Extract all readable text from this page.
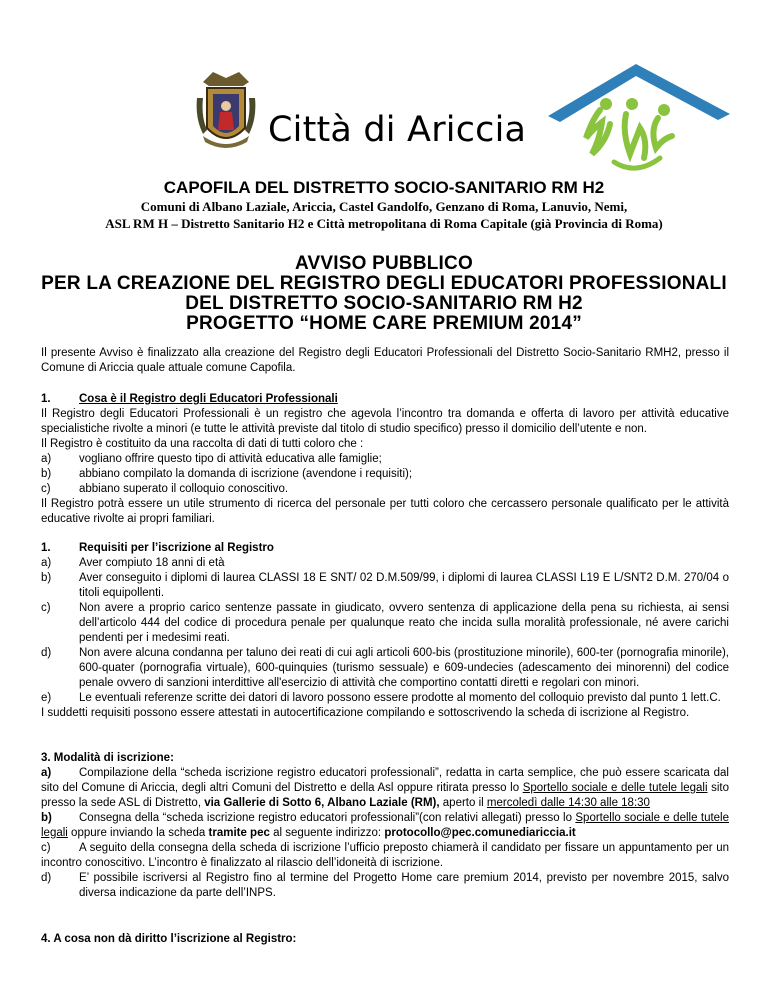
Città di Ariccia
CAPOFILA DEL DISTRETTO SOCIO-SANITARIO RM H2
Comuni di Albano Laziale, Ariccia, Castel Gandolfo, Genzano di Roma, Lanuvio, Nemi,
ASL RM H – Distretto Sanitario H2 e Città metropolitana di Roma Capitale (già Provincia di Roma)
AVVISO PUBBLICO
PER LA CREAZIONE DEL REGISTRO DEGLI EDUCATORI PROFESSIONALI
DEL DISTRETTO SOCIO-SANITARIO RM H2
PROGETTO “HOME CARE PREMIUM 2014”
Il presente Avviso è finalizzato alla creazione del Registro degli Educatori Professionali del Distretto Socio-Sanitario RMH2, presso il Comune di Ariccia quale attuale comune Capofila.
1.	Cosa è il Registro degli Educatori Professionali
Il Registro degli Educatori Professionali è un registro che agevola l’incontro tra domanda e offerta di lavoro per attività educative specialistiche rivolte a minori (e tutte le attività previste dal titolo di studio specifico) presso il domicilio dell’utente e non.
Il Registro è costituito da una raccolta di dati di tutti coloro che :
a)	vogliano offrire questo tipo di attività educativa alle famiglie;
b)	abbiano compilato la domanda di iscrizione (avendone i requisiti);
c)	abbiano superato il colloquio conoscitivo.
Il Registro potrà essere un utile strumento di ricerca del personale per tutti coloro che cercassero personale qualificato per le attività educative rivolte ai propri familiari.
1.	Requisiti per l’iscrizione al Registro
a)	Aver compiuto 18 anni di età
b)	Aver conseguito i diplomi di laurea CLASSI 18 E SNT/ 02 D.M.509/99, i diplomi di laurea CLASSI L19 E L/SNT2 D.M. 270/04 o titoli equipollenti.
c)	Non avere a proprio carico sentenze passate in giudicato, ovvero sentenza di applicazione della pena su richiesta, ai sensi dell’articolo 444 del codice di procedura penale per qualunque reato che incida sulla moralità professionale, né avere carichi pendenti per i medesimi reati.
d)	Non avere alcuna condanna per taluno dei reati di cui agli articoli 600-bis (prostituzione minorile), 600-ter (pornografia minorile), 600-quater (pornografia virtuale), 600-quinquies (turismo sessuale) e 609-undecies (adescamento dei minorenni) del codice penale ovvero di sanzioni interdittive all'esercizio di attività che comportino contatti diretti e regolari con minori.
e)	Le eventuali referenze scritte dei datori di lavoro possono essere prodotte al momento del colloquio previsto dal punto 1 lett.C.
I suddetti requisiti possono essere attestati in autocertificazione compilando e sottoscrivendo la scheda di iscrizione al Registro.
3. Modalità di iscrizione:
a)	Compilazione della “scheda iscrizione registro educatori professionali”, redatta in carta semplice, che può essere scaricata dal sito del Comune di Ariccia, degli altri Comuni del Distretto e della Asl oppure ritirata presso lo Sportello sociale e delle tutele legali sito presso la sede ASL di Distretto, via Gallerie di Sotto 6, Albano Laziale (RM), aperto il mercoledì dalle 14:30 alle 18:30
b)	Consegna della “scheda iscrizione registro educatori professionali”(con relativi allegati) presso lo Sportello sociale e delle tutele legali oppure inviando la scheda tramite pec al seguente indirizzo: protocollo@pec.comunediariccia.it
c)	A seguito della consegna della scheda di iscrizione l’ufficio preposto chiamerà il candidato per fissare un appuntamento per un incontro conoscitivo. L’incontro è finalizzato al rilascio dell’idoneità di iscrizione.
d)	E’ possibile iscriversi al Registro fino al termine del Progetto Home care premium 2014, previsto per novembre 2015, salvo diversa indicazione da parte dell’INPS.
4. A cosa non dà diritto l’iscrizione al Registro:
